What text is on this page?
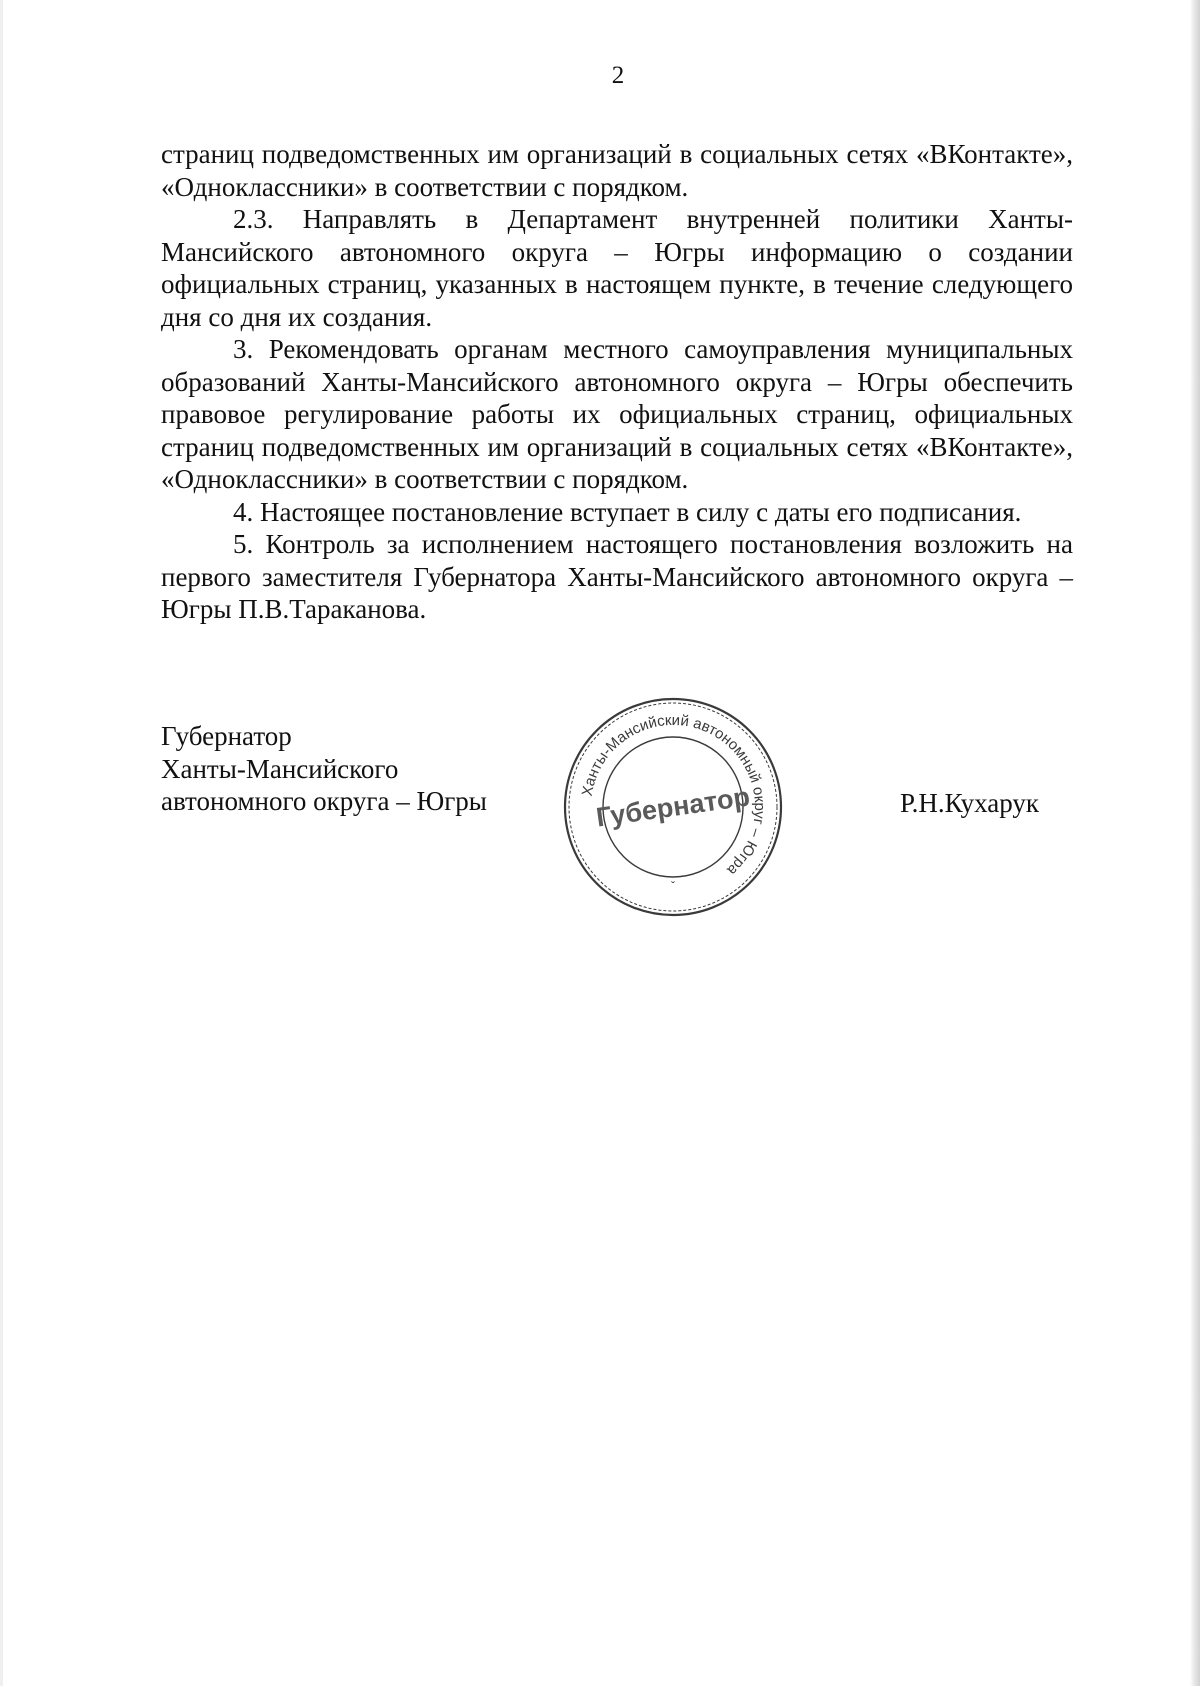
2

страниц подведомственных им организаций в социальных сетях «ВКонтакте», «Одноклассники» в соответствии с порядком.

2.3. Направлять в Департамент внутренней политики Ханты-Мансийского автономного округа – Югры информацию о создании официальных страниц, указанных в настоящем пункте, в течение следующего дня со дня их создания.

3. Рекомендовать органам местного самоуправления муниципальных образований Ханты-Мансийского автономного округа – Югры обеспечить правовое регулирование работы их официальных страниц, официальных страниц подведомственных им организаций в социальных сетях «ВКонтакте», «Одноклассники» в соответствии с порядком.

4. Настоящее постановление вступает в силу с даты его подписания.

5. Контроль за исполнением настоящего постановления возложить на первого заместителя Губернатора Ханты-Мансийского автономного округа – Югры П.В.Тараканова.

Губернатор
Ханты-Мансийского
автономного округа – Югры	Ханты-Мансийский автономный округ – Югра
Губернатор
ˇ
Р.Н.Кухарук
